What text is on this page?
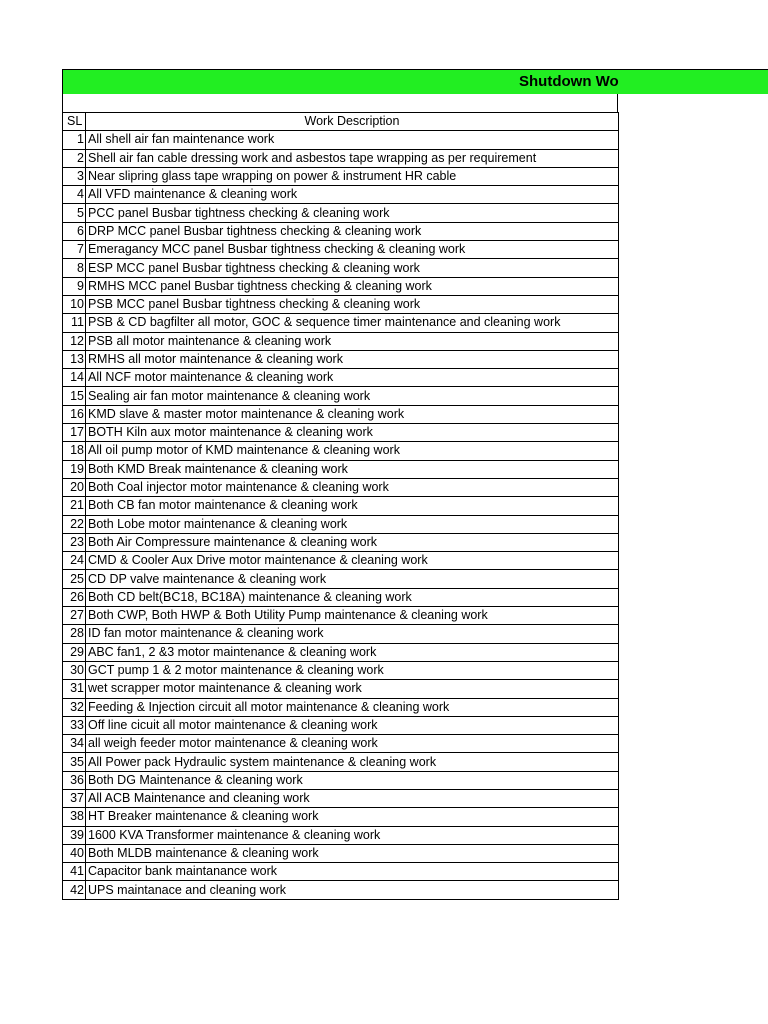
Shutdown Wo
SL	Work Description
1	All shell air fan maintenance work
2	Shell air fan cable dressing work and asbestos tape wrapping as per requirement
3	Near slipring glass tape wrapping on power & instrument HR cable
4	All VFD maintenance & cleaning work
5	PCC panel Busbar tightness checking & cleaning work
6	DRP MCC panel Busbar tightness checking & cleaning work
7	Emeragancy MCC panel Busbar tightness checking & cleaning work
8	ESP MCC panel Busbar tightness checking & cleaning work
9	RMHS MCC panel Busbar tightness checking & cleaning work
10	PSB MCC panel Busbar tightness checking & cleaning work
11	PSB & CD bagfilter all motor, GOC & sequence timer maintenance and cleaning work
12	PSB all motor maintenance & cleaning work
13	RMHS all motor maintenance & cleaning work
14	All NCF motor maintenance & cleaning work
15	Sealing air fan motor maintenance & cleaning work
16	KMD slave & master motor maintenance & cleaning work
17	BOTH Kiln aux motor maintenance & cleaning work
18	All oil pump motor of KMD maintenance & cleaning work
19	Both KMD Break maintenance & cleaning work
20	Both Coal injector motor maintenance & cleaning work
21	Both CB fan motor maintenance & cleaning work
22	Both Lobe motor maintenance & cleaning work
23	Both Air Compressure maintenance & cleaning work
24	CMD & Cooler Aux Drive motor maintenance & cleaning work
25	CD DP valve maintenance & cleaning work
26	Both CD belt(BC18, BC18A) maintenance & cleaning work
27	Both CWP, Both HWP & Both Utility Pump maintenance & cleaning work
28	ID fan motor maintenance & cleaning work
29	ABC fan1, 2 &3 motor maintenance & cleaning work
30	GCT pump 1 & 2 motor maintenance & cleaning work
31	wet scrapper motor maintenance & cleaning work
32	Feeding & Injection circuit all motor maintenance & cleaning work
33	Off line cicuit all motor maintenance & cleaning work
34	all weigh feeder motor maintenance & cleaning work
35	All Power pack Hydraulic system maintenance & cleaning work
36	Both DG Maintenance & cleaning work
37	All ACB Maintenance and cleaning work
38	HT Breaker maintenance & cleaning work
39	1600 KVA Transformer maintenance & cleaning work
40	Both MLDB maintenance & cleaning work
41	Capacitor bank maintanance work
42	UPS maintanace and cleaning work
